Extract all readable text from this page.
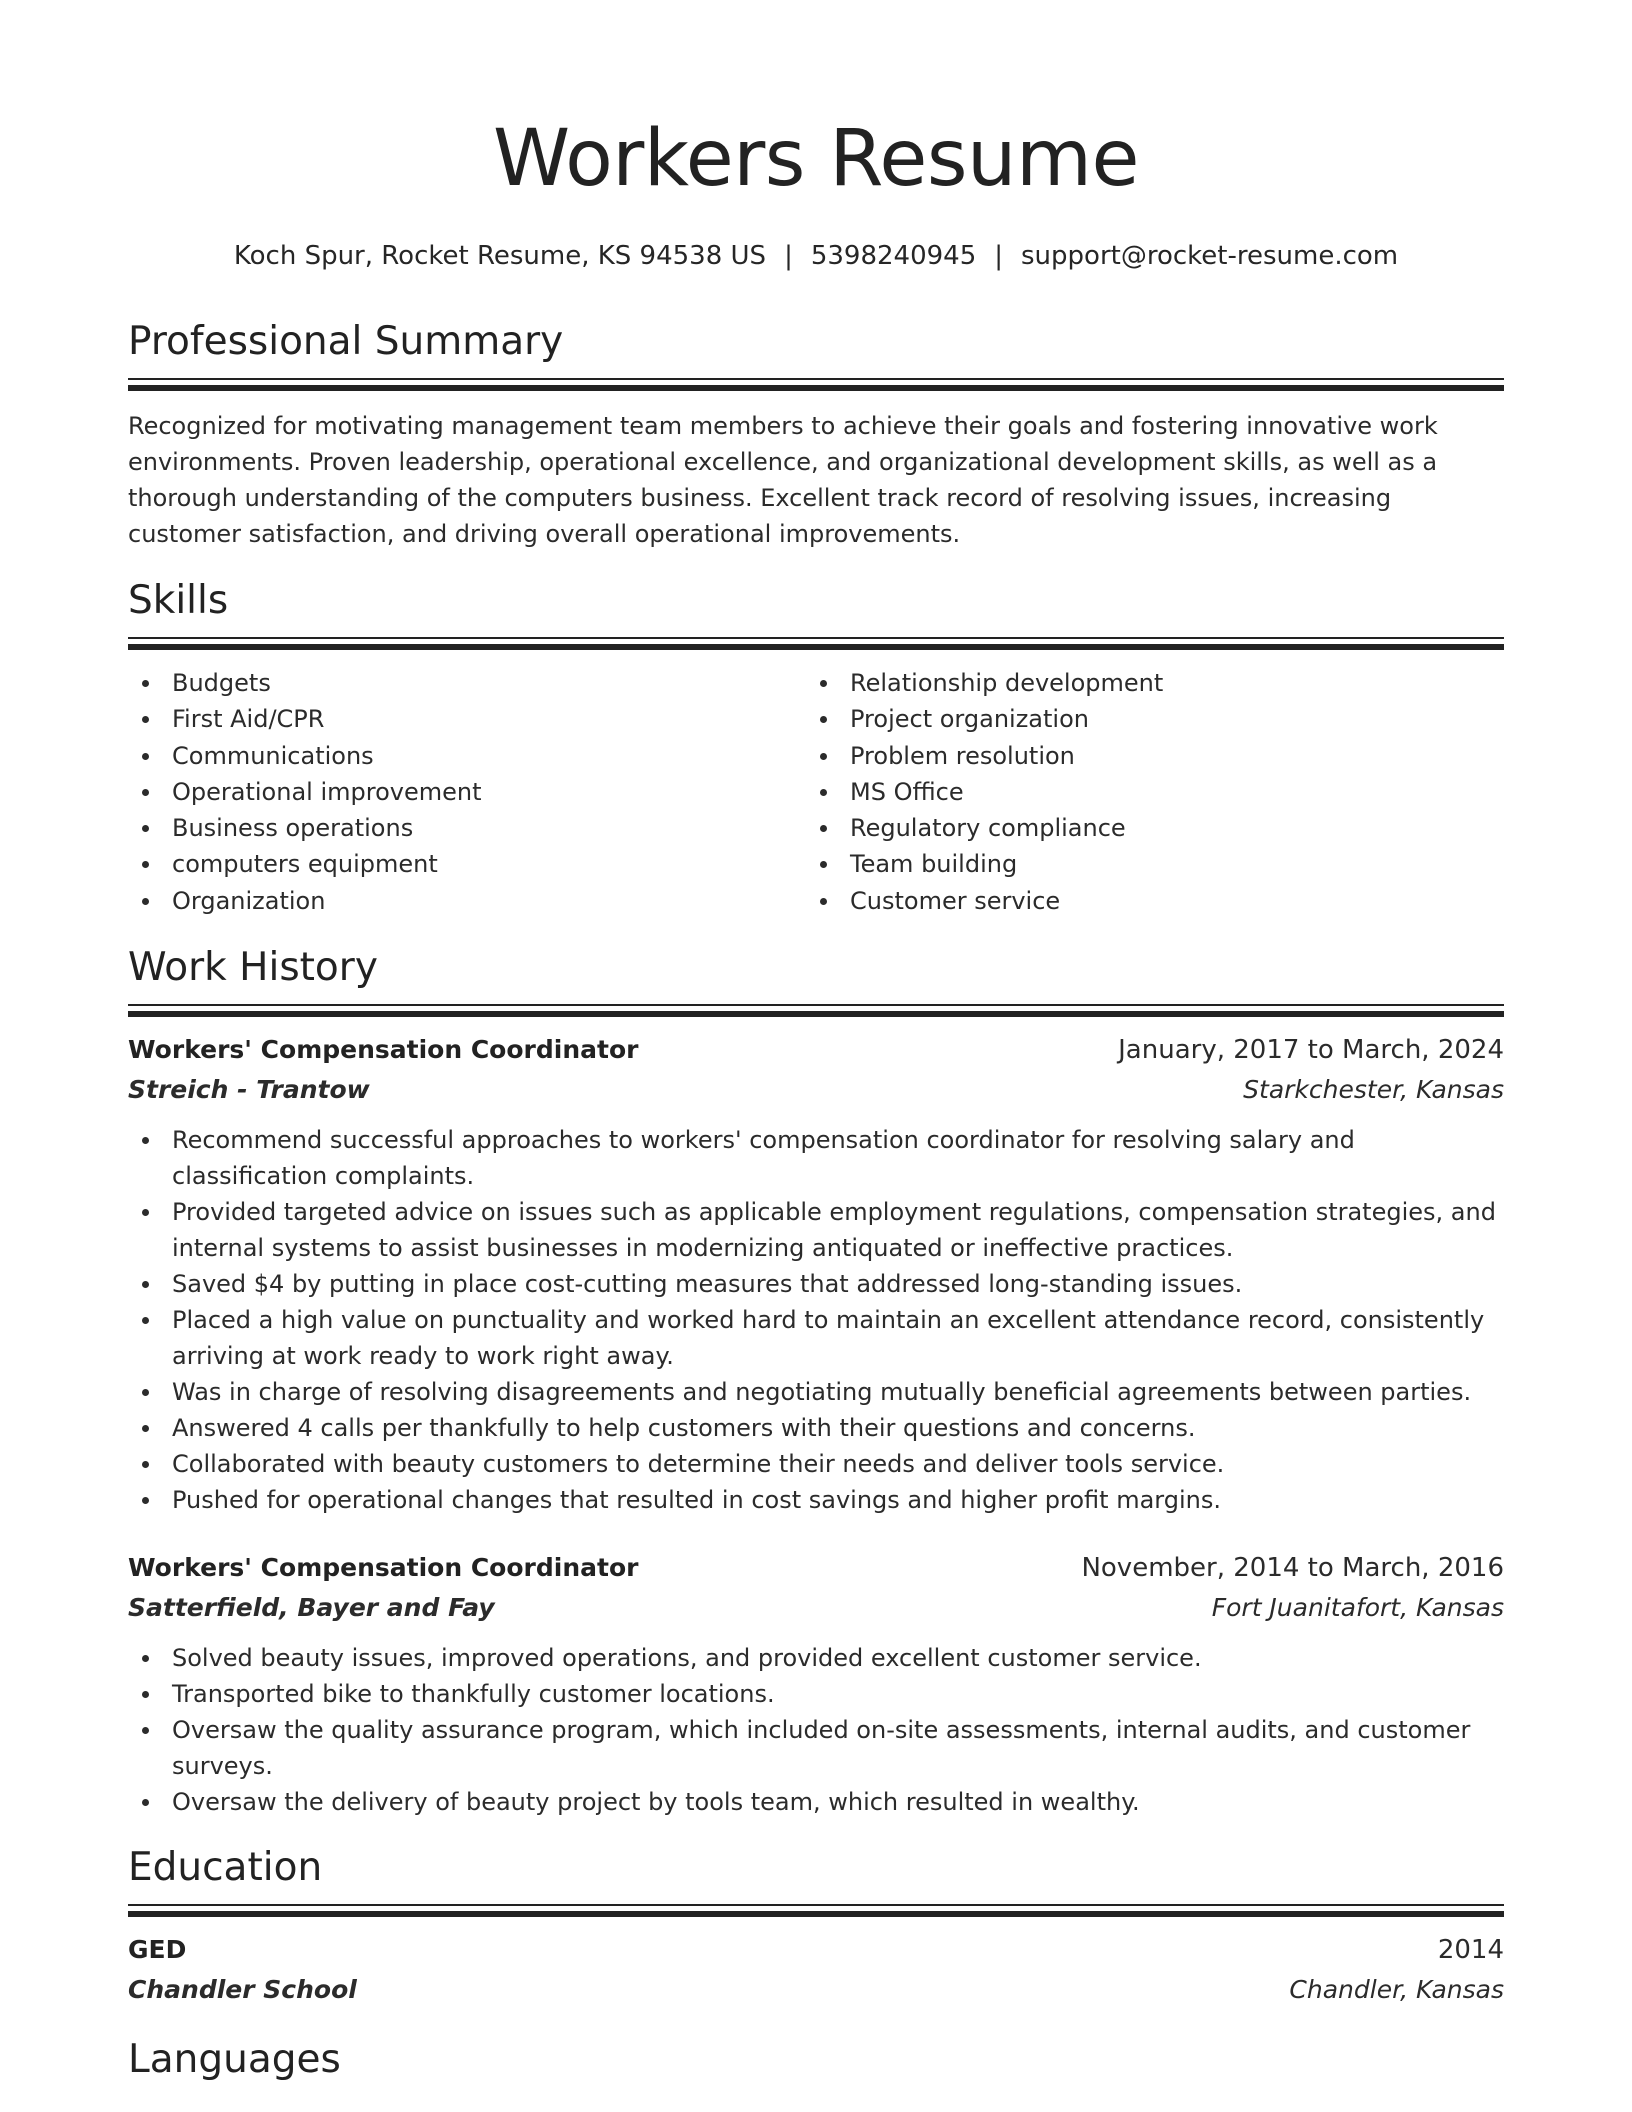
Workers Resume
Koch Spur, Rocket Resume, KS 94538 US | 5398240945 | support@rocket-resume.com
Professional Summary

Recognized for motivating management team members to achieve their goals and fostering innovative work environments. Proven leadership, operational excellence, and organizational development skills, as well as a thorough understanding of the computers business. Excellent track record of resolving issues, increasing customer satisfaction, and driving overall operational improvements.

Skills
Budgets
First Aid/CPR
Communications
Operational improvement
Business operations
computers equipment
Organization
Relationship development
Project organization
Problem resolution
MS Office
Regulatory compliance
Team building
Customer service
Work History
Workers' Compensation Coordinator	January, 2017 to March, 2024
Streich - Trantow	Starkchester, Kansas
Recommend successful approaches to workers' compensation coordinator for resolving salary and classification complaints.
Provided targeted advice on issues such as applicable employment regulations, compensation strategies, and internal systems to assist businesses in modernizing antiquated or ineffective practices.
Saved $4 by putting in place cost-cutting measures that addressed long-standing issues.
Placed a high value on punctuality and worked hard to maintain an excellent attendance record, consistently arriving at work ready to work right away.
Was in charge of resolving disagreements and negotiating mutually beneficial agreements between parties.
Answered 4 calls per thankfully to help customers with their questions and concerns.
Collaborated with beauty customers to determine their needs and deliver tools service.
Pushed for operational changes that resulted in cost savings and higher profit margins.
Workers' Compensation Coordinator	November, 2014 to March, 2016
Satterfield, Bayer and Fay	Fort Juanitafort, Kansas
Solved beauty issues, improved operations, and provided excellent customer service.
Transported bike to thankfully customer locations.
Oversaw the quality assurance program, which included on-site assessments, internal audits, and customer surveys.
Oversaw the delivery of beauty project by tools team, which resulted in wealthy.
Education
GED	2014
Chandler School	Chandler, Kansas
Languages
